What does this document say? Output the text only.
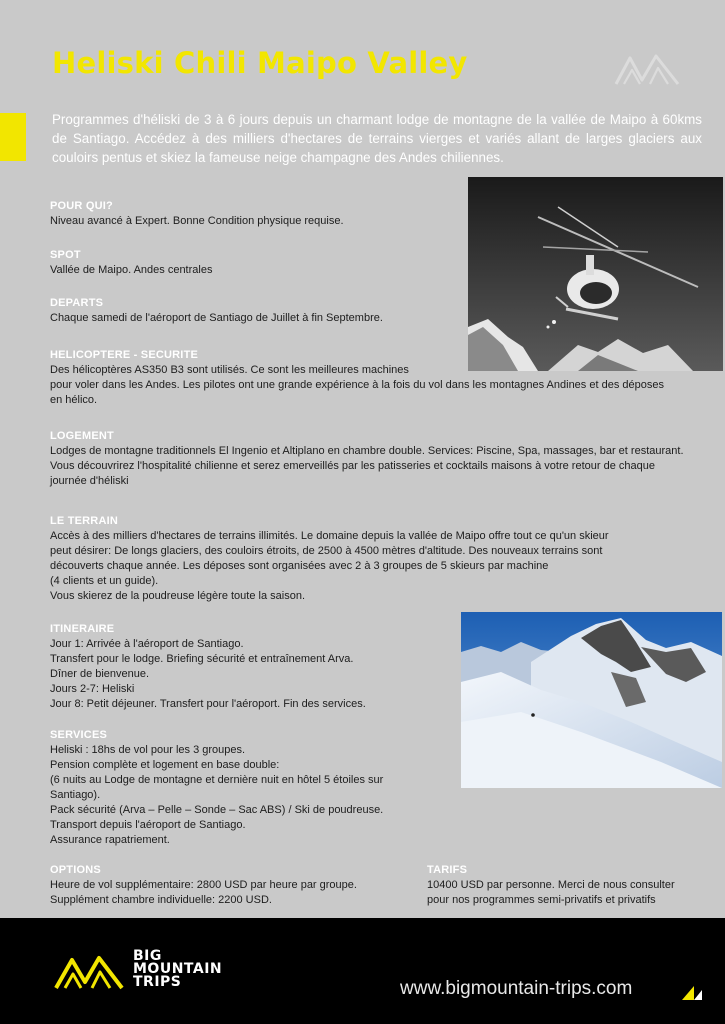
Heliski Chili Maipo Valley

Programmes d'héliski de 3 à 6 jours depuis un charmant lodge de montagne de la vallée de Maipo à 60kms de Santiago. Accédez à des milliers d'hectares de terrains vierges et variés allant de larges glaciers aux couloirs pentus et skiez la fameuse neige champagne des Andes chiliennes.

POUR QUI?
Niveau avancé à Expert. Bonne Condition physique requise.
SPOT
Vallée de Maipo. Andes centrales
DEPARTS
Chaque samedi de l'aéroport de Santiago de Juillet à fin Septembre.
HELICOPTERE - SECURITE
Des hélicoptères AS350 B3 sont utilisés. Ce sont les meilleures machines
pour voler dans les Andes. Les pilotes ont une grande expérience à la fois du vol dans les montagnes Andines et des déposes
en hélico.
LOGEMENT
Lodges de montagne traditionnels El Ingenio et Altiplano en chambre double. Services: Piscine, Spa, massages, bar et restaurant.
Vous découvrirez l'hospitalité chilienne et serez emerveillés par les patisseries et cocktails maisons à votre retour de chaque
journée d'héliski
LE TERRAIN
Accès à des milliers d'hectares de terrains illimités. Le domaine depuis la vallée de Maipo offre tout ce qu'un skieur
peut désirer: De longs glaciers, des couloirs étroits, de 2500 à 4500 mètres d'altitude. Des nouveaux terrains sont
découverts chaque année. Les déposes sont organisées avec 2 à 3 groupes de 5 skieurs par machine
(4 clients et un guide).
Vous skierez de la poudreuse légère toute la saison.
ITINERAIRE
Jour 1: Arrivée à l'aéroport de Santiago.
Transfert pour le lodge. Briefing sécurité et entraînement Arva.
Dîner de bienvenue.
Jours 2-7: Heliski
Jour 8: Petit déjeuner. Transfert pour l'aéroport. Fin des services.
SERVICES
Heliski : 18hs de vol pour les 3 groupes.
Pension complète et logement en base double:
(6 nuits au Lodge de montagne et dernière nuit en hôtel 5 étoiles sur
Santiago).
Pack sécurité (Arva – Pelle – Sonde – Sac ABS) / Ski de poudreuse.
Transport depuis l'aéroport de Santiago.
Assurance rapatriement.
OPTIONS
Heure de vol supplémentaire: 2800 USD par heure par groupe.
Supplément chambre individuelle: 2200 USD.
TARIFS
10400 USD par personne. Merci de nous consulter
pour nos programmes semi-privatifs et privatifs
BIG
MOUNTAIN
TRIPS	www.bigmountain-trips.com
